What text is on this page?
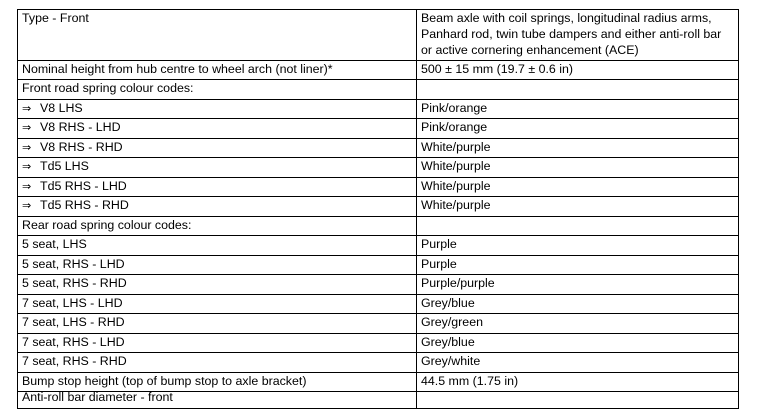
Type - Front	Beam axle with coil springs, longitudinal radius arms, Panhard rod, twin tube dampers and either anti-roll bar or active cornering enhancement (ACE)
Nominal height from hub centre to wheel arch (not liner)*	500 ± 15 mm (19.7 ± 0.6 in)
Front road spring colour codes:	
⇒ V8 LHS	Pink/orange
⇒ V8 RHS - LHD	Pink/orange
⇒ V8 RHS - RHD	White/purple
⇒ Td5 LHS	White/purple
⇒ Td5 RHS - LHD	White/purple
⇒ Td5 RHS - RHD	White/purple
Rear road spring colour codes:	
5 seat, LHS	Purple
5 seat, RHS - LHD	Purple
5 seat, RHS - RHD	Purple/purple
7 seat, LHS - LHD	Grey/blue
7 seat, LHS - RHD	Grey/green
7 seat, RHS - LHD	Grey/blue
7 seat, RHS - RHD	Grey/white
Bump stop height (top of bump stop to axle bracket)	44.5 mm (1.75 in)
Anti-roll bar diameter - front	
